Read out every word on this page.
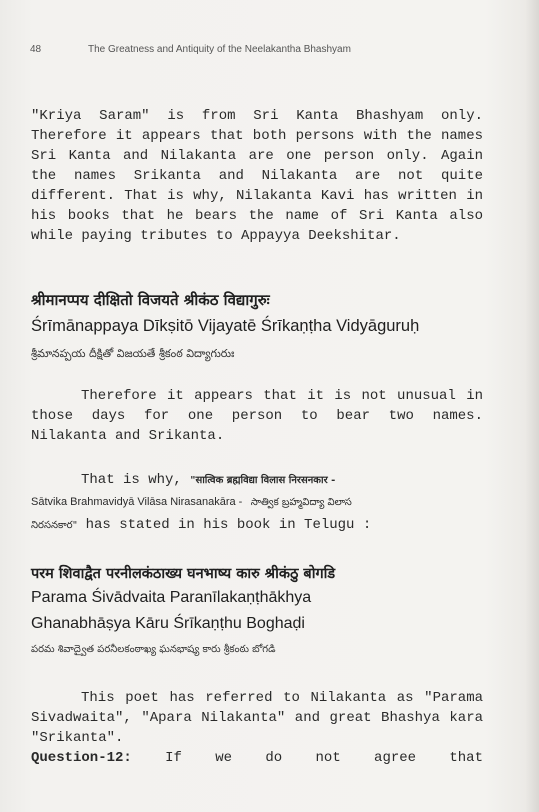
48	The Greatness and Antiquity of the Neelakantha Bhashyam
"Kriya Saram" is from Sri Kanta Bhashyam only. Therefore it appears that both persons with the names Sri Kanta and Nilakanta are one person only. Again the names Srikanta and Nilakanta are not quite different. That is why, Nilakanta Kavi has written in his books that he bears the name of Sri Kanta also while paying tributes to Appayya Deekshitar.
श्रीमानप्पय दीक्षितो विजयते श्रीकंठ विद्यागुरुः
Śrīmānappaya Dīkṣitō Vijayatē Śrīkaṇṭha Vidyāguruḥ
శ్రీమానప్పయ దీక్షితో విజయతే శ్రీకంఠ విద్యాగురుః
Therefore it appears that it is not unusual in those days for one person to bear two names. Nilakanta and Srikanta.
That is why, "सात्विक ब्रह्मविद्या विलास निरसनकार -
Sātvika Brahmavidyā Vilāsa Nirasanakāra - సాత్విక బ్రహ్మవిద్యా విలాస
నిరసనకార" has stated in his book in Telugu :
परम शिवाद्वैत परनीलकंठाख्य घनभाष्य कारु श्रीकंठु बोगडि
Parama Śivādvaita Paranīlakaṇṭhākhya
Ghanabhāṣya Kāru Śrīkaṇṭhu Boghaḍi
పరమ శివాద్వైత పరనీలకంఠాఖ్య ఘనభాష్య కారు శ్రీకంఠు బోగడి
This poet has referred to Nilakanta as "Parama Sivadwaita", "Apara Nilakanta" and great Bhashya kara "Srikanta".
Question-12: If we do not agree that
